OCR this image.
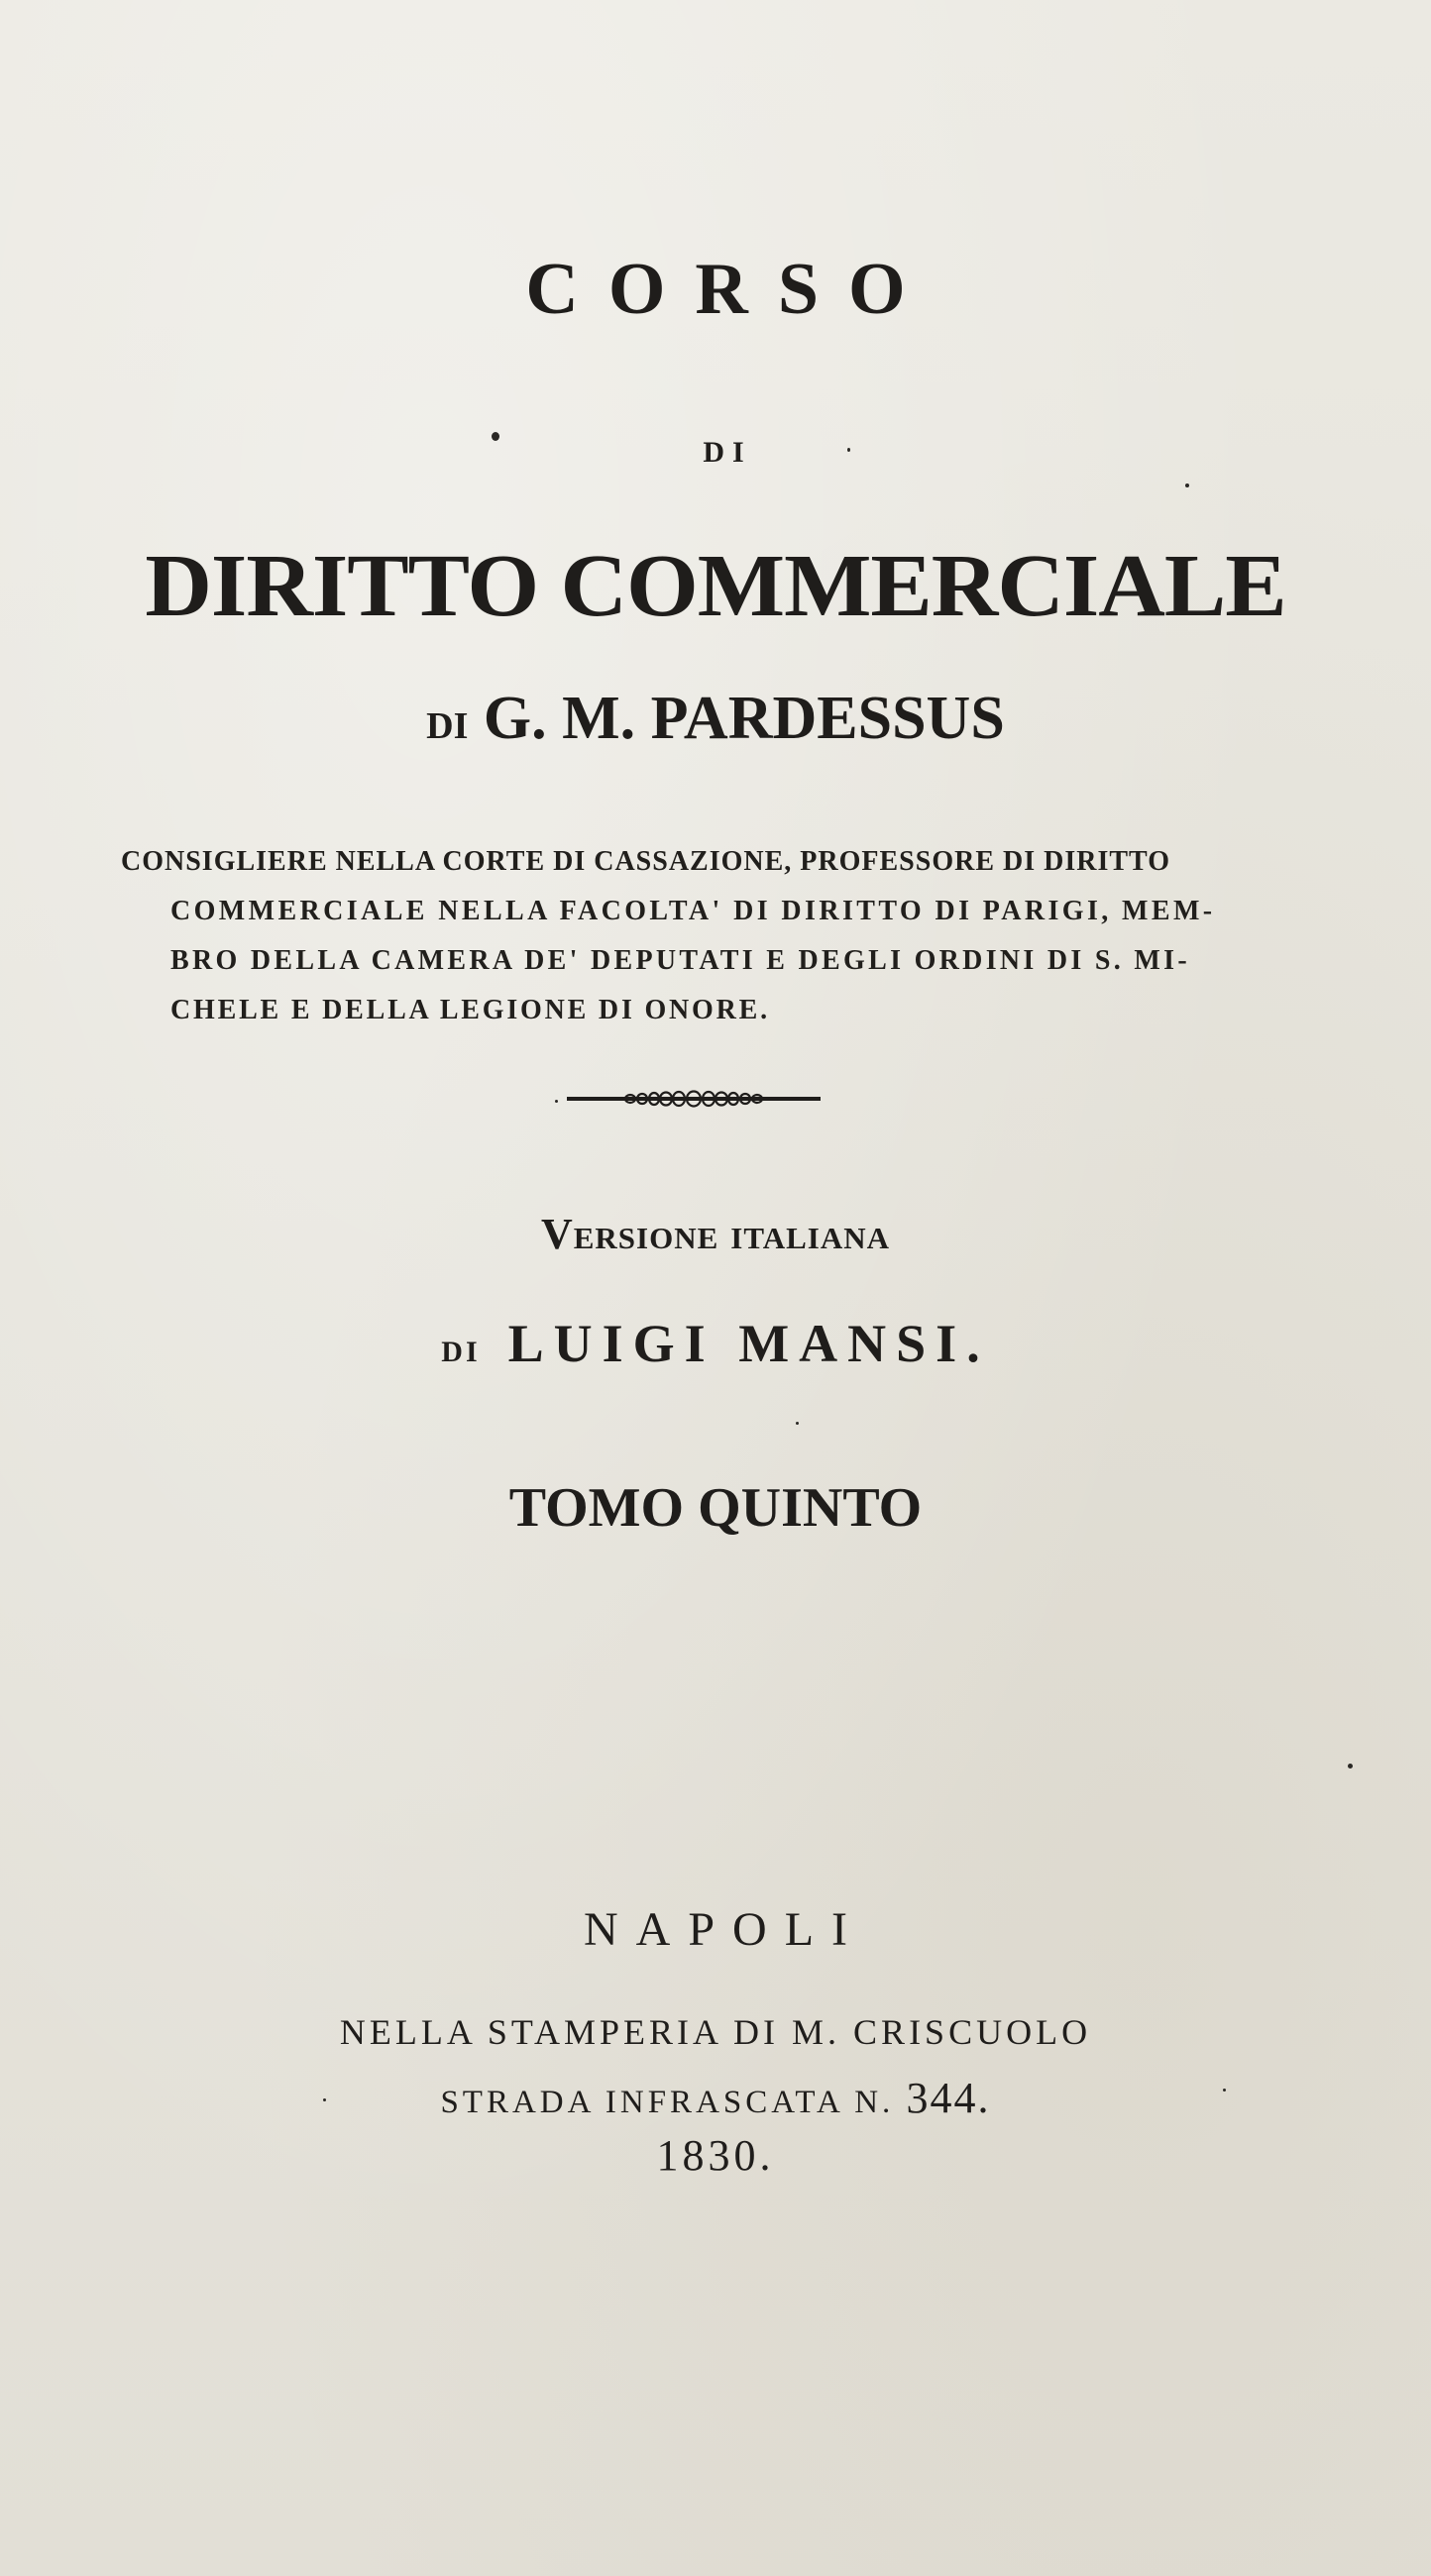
CORSO
DI
DIRITTO COMMERCIALE
DI G. M. PARDESSUS
CONSIGLIERE NELLA CORTE DI CASSAZIONE, PROFESSORE DI DIRITTO
COMMERCIALE NELLA FACOLTA' DI DIRITTO DI PARIGI, MEM-
BRO DELLA CAMERA DE' DEPUTATI E DEGLI ORDINI DI S. MI-
CHELE E DELLA LEGIONE DI ONORE.
Versione italiana
DI LUIGI MANSI.
TOMO QUINTO
NAPOLI
NELLA STAMPERIA DI M. CRISCUOLO
STRADA INFRASCATA N. 344.
1830.
